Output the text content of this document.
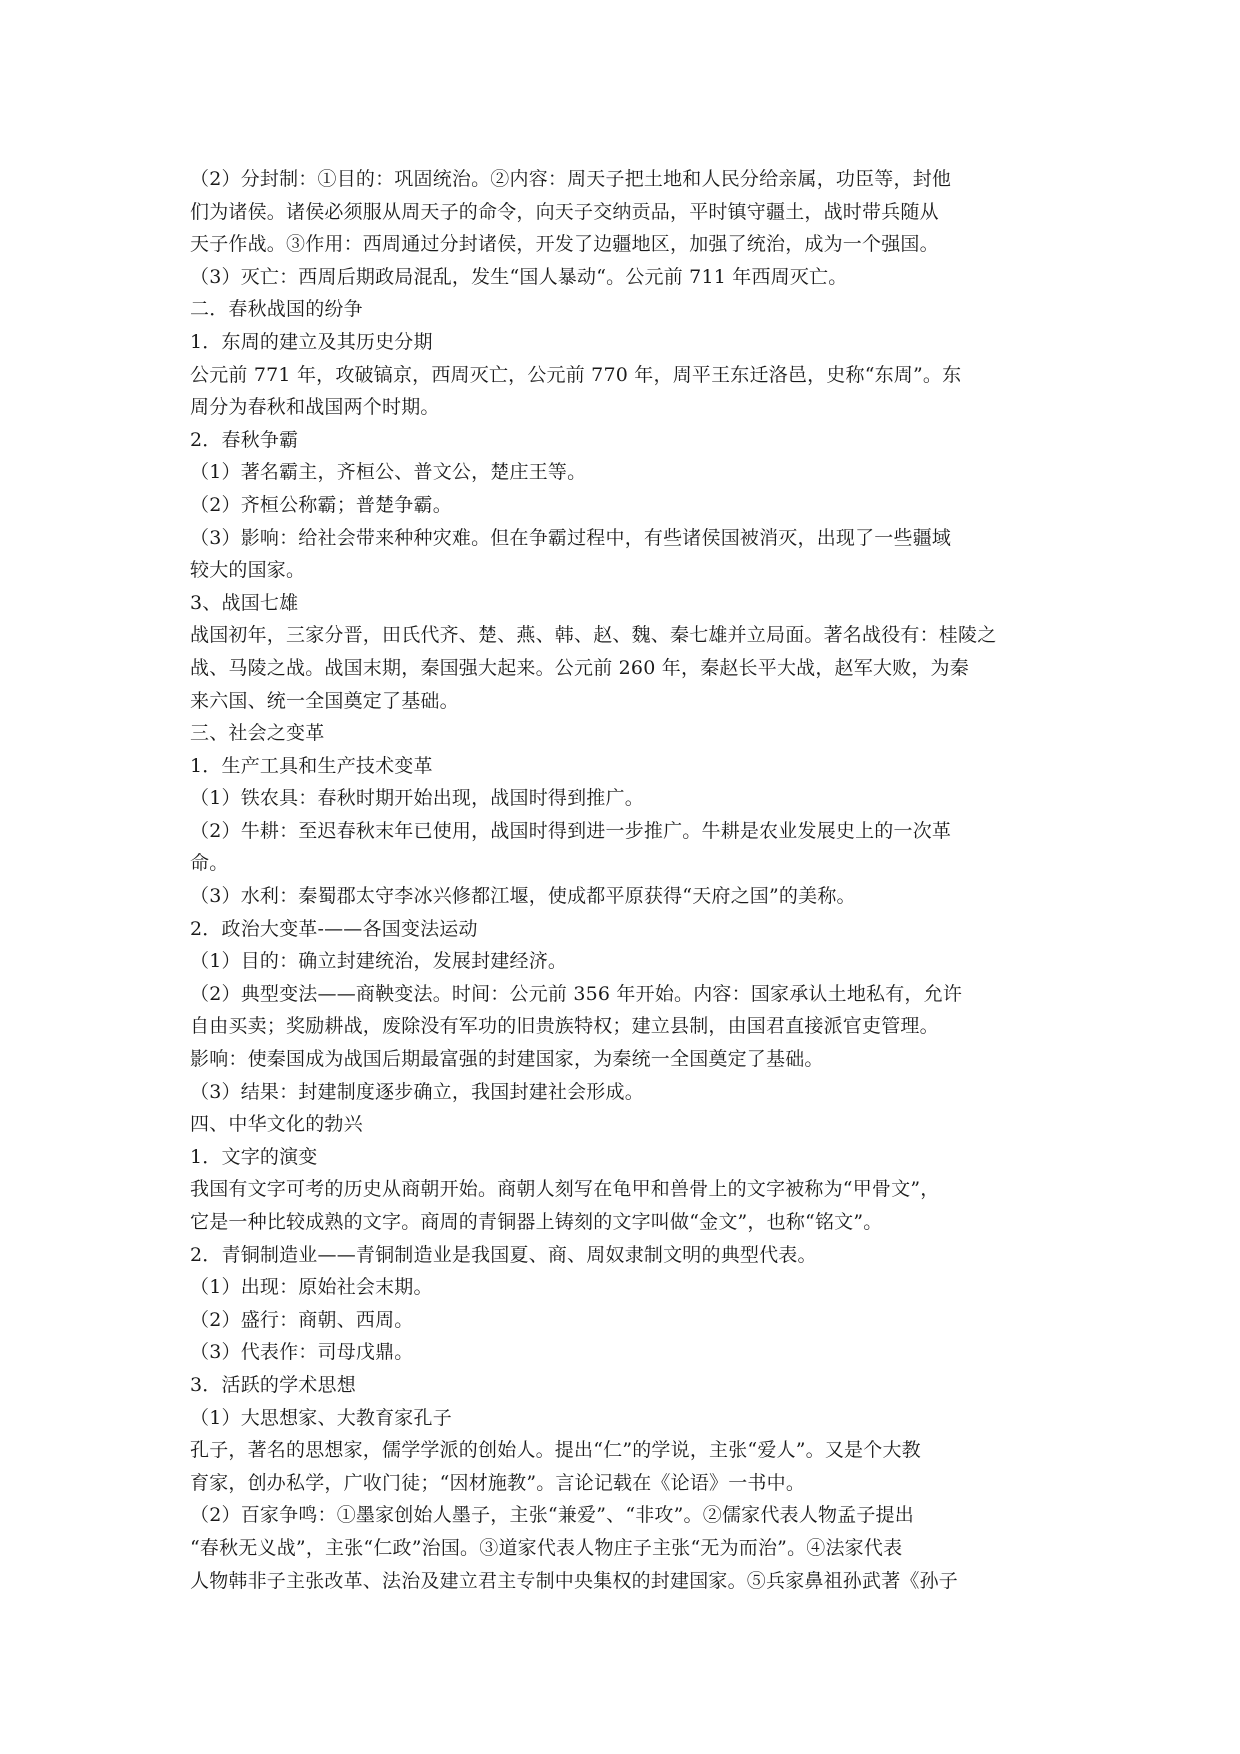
（2）分封制：①目的：巩固统治。②内容：周天子把土地和人民分给亲属，功臣等，封他

们为诸侯。诸侯必须服从周天子的命令，向天子交纳贡品，平时镇守疆土，战时带兵随从

天子作战。③作用：西周通过分封诸侯，开发了边疆地区，加强了统治，成为一个强国。

（3）灭亡：西周后期政局混乱，发生“国人暴动“。公元前 711 年西周灭亡。

二．春秋战国的纷争

1．东周的建立及其历史分期

公元前 771 年，攻破镐京，西周灭亡，公元前 770 年，周平王东迁洛邑，史称“东周”。东

周分为春秋和战国两个时期。

2．春秋争霸

（1）著名霸主，齐桓公、普文公，楚庄王等。

（2）齐桓公称霸；普楚争霸。

（3）影响：给社会带来种种灾难。但在争霸过程中，有些诸侯国被消灭，出现了一些疆域

较大的国家。

3、战国七雄

战国初年，三家分晋，田氏代齐、楚、燕、韩、赵、魏、秦七雄并立局面。著名战役有：桂陵之

战、马陵之战。战国末期，秦国强大起来。公元前 260 年，秦赵长平大战，赵军大败，为秦

来六国、统一全国奠定了基础。

三、社会之变革

1．生产工具和生产技术变革

（1）铁农具：春秋时期开始出现，战国时得到推广。

（2）牛耕：至迟春秋末年已使用，战国时得到进一步推广。牛耕是农业发展史上的一次革

命。

（3）水利：秦蜀郡太守李冰兴修都江堰，使成都平原获得“天府之国”的美称。

2．政治大变革-——各国变法运动

（1）目的：确立封建统治，发展封建经济。

（2）典型变法——商鞅变法。时间：公元前 356 年开始。内容：国家承认土地私有，允许

自由买卖；奖励耕战，废除没有军功的旧贵族特权；建立县制，由国君直接派官吏管理。

影响：使秦国成为战国后期最富强的封建国家，为秦统一全国奠定了基础。

（3）结果：封建制度逐步确立，我国封建社会形成。

四、中华文化的勃兴

1．文字的演变

我国有文字可考的历史从商朝开始。商朝人刻写在龟甲和兽骨上的文字被称为“甲骨文”，

它是一种比较成熟的文字。商周的青铜器上铸刻的文字叫做“金文”，也称“铭文”。

2．青铜制造业——青铜制造业是我国夏、商、周奴隶制文明的典型代表。

（1）出现：原始社会末期。

（2）盛行：商朝、西周。

（3）代表作：司母戊鼎。

3．活跃的学术思想

（1）大思想家、大教育家孔子

孔子，著名的思想家，儒学学派的创始人。提出“仁”的学说，主张“爱人”。又是个大教

育家，创办私学，广收门徒；“因材施教”。言论记载在《论语》一书中。

（2）百家争鸣：①墨家创始人墨子，主张“兼爱”、“非攻”。②儒家代表人物孟子提出

“春秋无义战”，主张“仁政”治国。③道家代表人物庄子主张“无为而治”。④法家代表

人物韩非子主张改革、法治及建立君主专制中央集权的封建国家。⑤兵家鼻祖孙武著《孙子
